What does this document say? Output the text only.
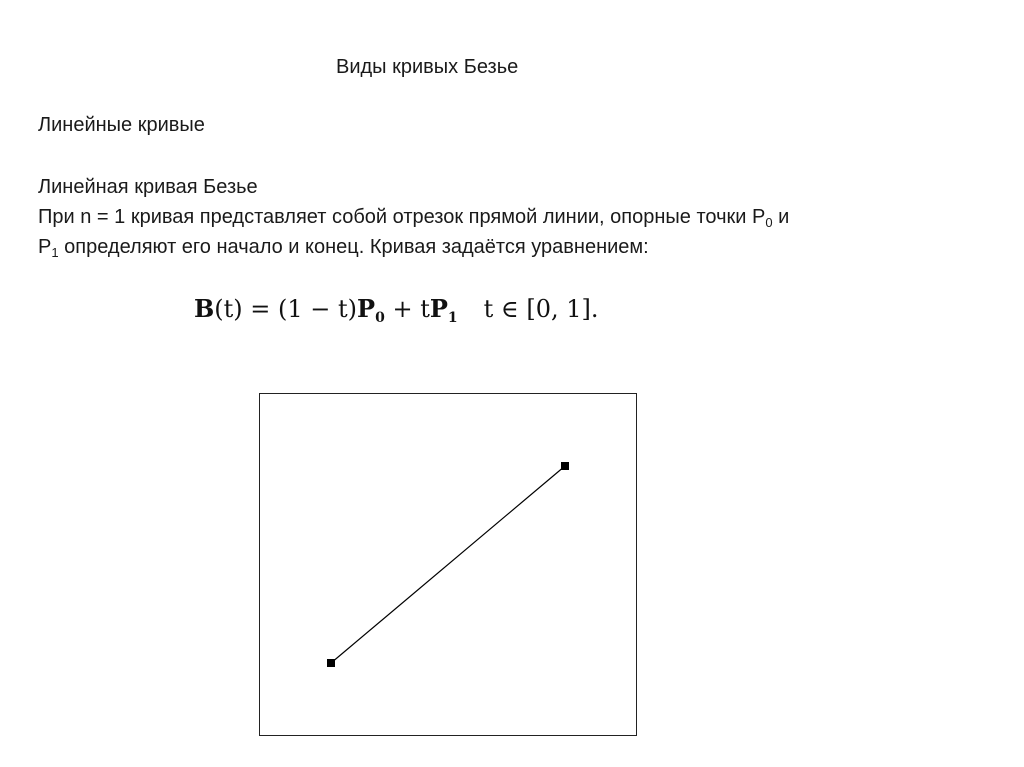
Виды кривых Безье
Линейные кривые
Линейная кривая Безье
При n = 1 кривая представляет собой отрезок прямой линии, опорные точки $P_0$ и
$P_1$ определяют его начало и конец. Кривая задаётся уравнением:
$B(t) = (1 - t)P_0 + tP_1$ t ∈ [0, 1].
